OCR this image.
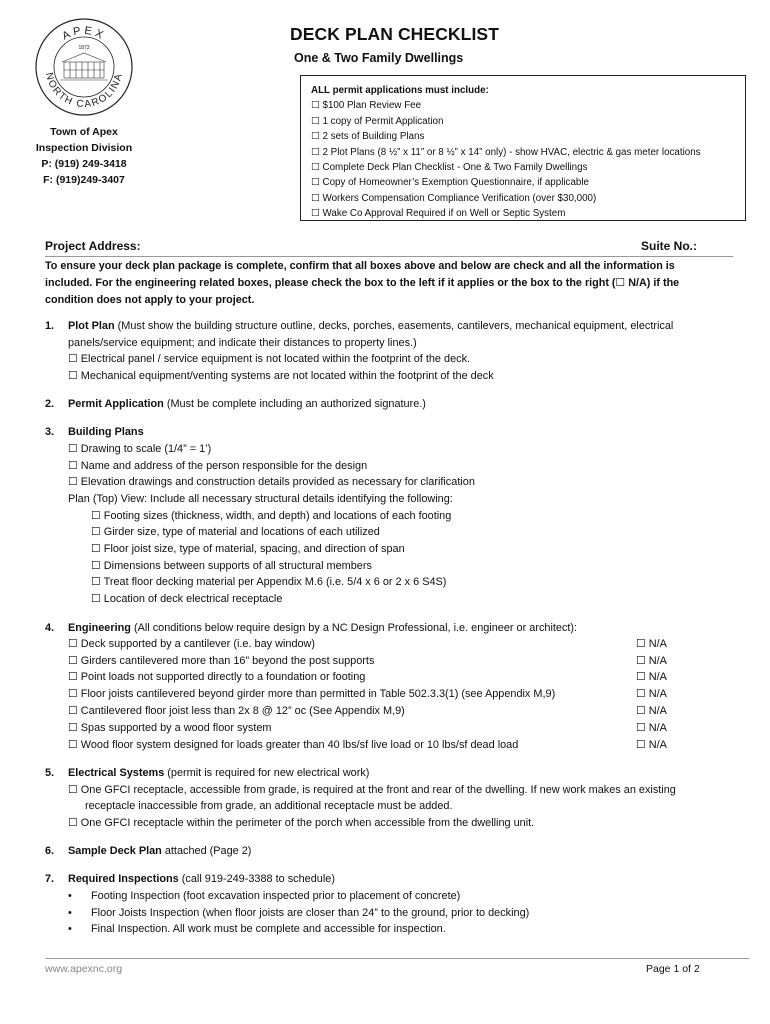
APEX
NORTH CAROLINA
1873
Town of Apex
Inspection Division
P: (919) 249-3418
F: (919)249-3407
DECK PLAN CHECKLIST
One & Two Family Dwellings
ALL permit applications must include:
☐ $100 Plan Review Fee
☐ 1 copy of Permit Application
☐ 2 sets of Building Plans
☐ 2 Plot Plans (8 ½” x 11” or 8 ½” x 14” only) - show HVAC, electric & gas meter locations
☐ Complete Deck Plan Checklist - One & Two Family Dwellings
☐ Copy of Homeowner’s Exemption Questionnaire, if applicable
☐ Workers Compensation Compliance Verification (over $30,000)
☐ Wake Co Approval Required if on Well or Septic System
Project Address:	Suite No.:
To ensure your deck plan package is complete, confirm that all boxes above and below are check and all the information is
included. For the engineering related boxes, please check the box to the left if it applies or the box to the right (☐ N/A) if the
condition does not apply to your project.
1. Plot Plan (Must show the building structure outline, decks, porches, easements, cantilevers, mechanical equipment, electrical
panels/service equipment; and indicate their distances to property lines.)
☐ Electrical panel / service equipment is not located within the footprint of the deck.
☐ Mechanical equipment/venting systems are not located within the footprint of the deck
2. Permit Application (Must be complete including an authorized signature.)
3. Building Plans
☐ Drawing to scale (1/4” = 1’)
☐ Name and address of the person responsible for the design
☐ Elevation drawings and construction details provided as necessary for clarification
Plan (Top) View: Include all necessary structural details identifying the following:
☐ Footing sizes (thickness, width, and depth) and locations of each footing
☐ Girder size, type of material and locations of each utilized
☐ Floor joist size, type of material, spacing, and direction of span
☐ Dimensions between supports of all structural members
☐ Treat floor decking material per Appendix M.6 (i.e. 5/4 x 6 or 2 x 6 S4S)
☐ Location of deck electrical receptacle
4. Engineering (All conditions below require design by a NC Design Professional, i.e. engineer or architect):
☐ Deck supported by a cantilever (i.e. bay window)
☐ Girders cantilevered more than 16” beyond the post supports
☐ Point loads not supported directly to a foundation or footing
☐ Floor joists cantilevered beyond girder more than permitted in Table 502.3.3(1) (see Appendix M,9)
☐ Cantilevered floor joist less than 2x 8 @ 12” oc (See Appendix M,9)
☐ Spas supported by a wood floor system
☐ Wood floor system designed for loads greater than 40 lbs/sf live load or 10 lbs/sf dead load
☐ N/A
☐ N/A
☐ N/A
☐ N/A
☐ N/A
☐ N/A
☐ N/A
5. Electrical Systems (permit is required for new electrical work)
☐ One GFCI receptacle, accessible from grade, is required at the front and rear of the dwelling. If new work makes an existing
receptacle inaccessible from grade, an additional receptacle must be added.
☐ One GFCI receptacle within the perimeter of the porch when accessible from the dwelling unit.
6. Sample Deck Plan attached (Page 2)
7. Required Inspections (call 919-249-3388 to schedule)
• Footing Inspection (foot excavation inspected prior to placement of concrete)
• Floor Joists Inspection (when floor joists are closer than 24” to the ground, prior to decking)
• Final Inspection. All work must be complete and accessible for inspection.
www.apexnc.org	Page 1 of 2
